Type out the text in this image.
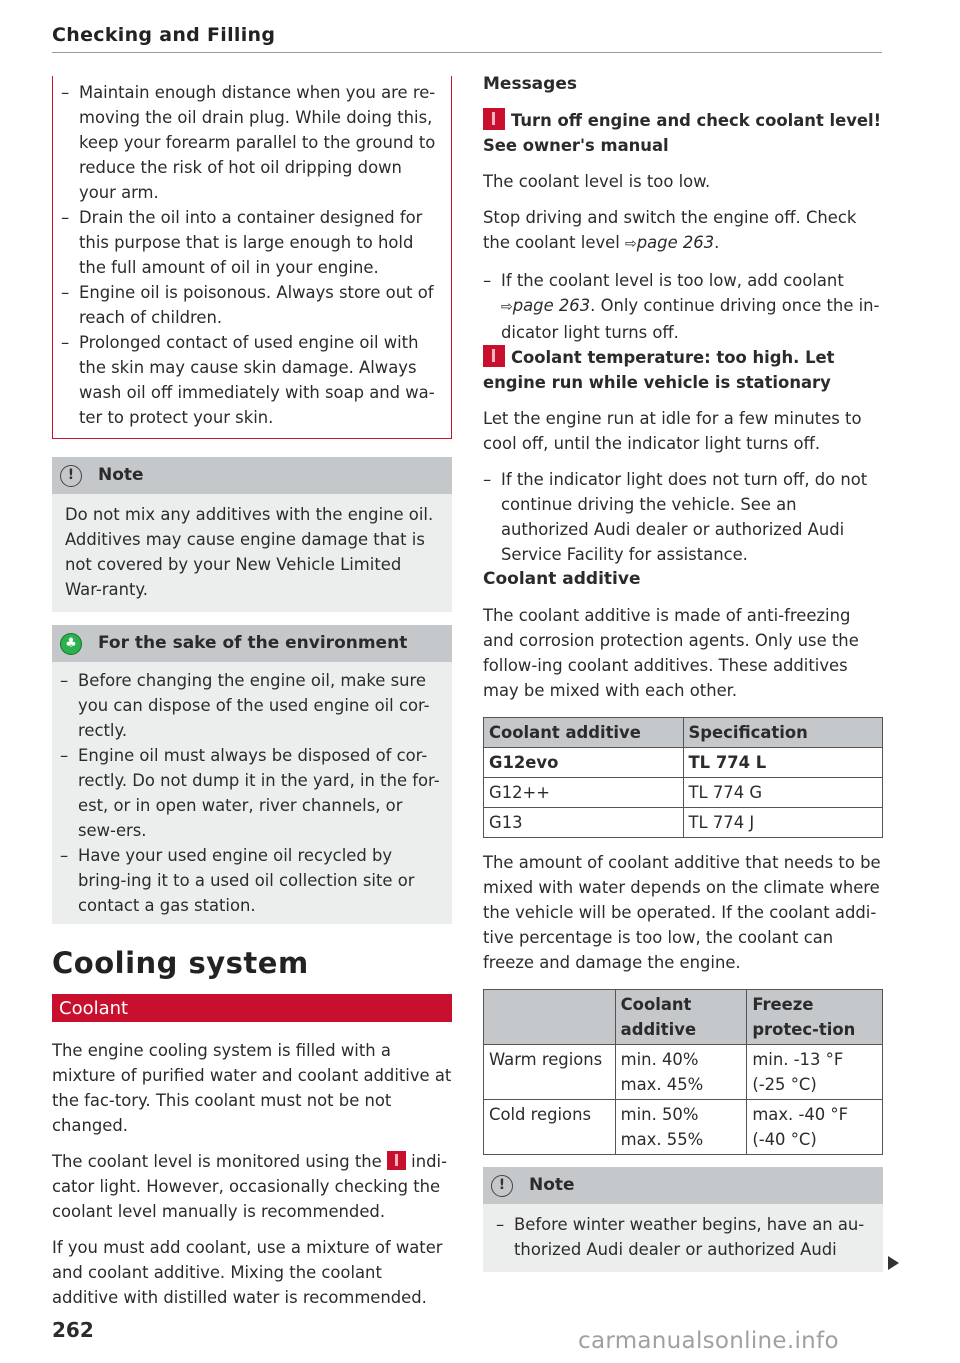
Checking and Filling
– Maintain enough distance when you are re-moving the oil drain plug. While doing this, keep your forearm parallel to the ground to reduce the risk of hot oil dripping down your arm.
– Drain the oil into a container designed for this purpose that is large enough to hold the full amount of oil in your engine.
– Engine oil is poisonous. Always store out of reach of children.
– Prolonged contact of used engine oil with the skin may cause skin damage. Always wash oil off immediately with soap and wa-ter to protect your skin.
!	Note
Do not mix any additives with the engine oil. Additives may cause engine damage that is not covered by your New Vehicle Limited War-ranty.
♣	For the sake of the environment
– Before changing the engine oil, make sure you can dispose of the used engine oil cor-rectly.
– Engine oil must always be disposed of cor-rectly. Do not dump it in the yard, in the for-est, or in open water, river channels, or sew-ers.
– Have your used engine oil recycled by bring-ing it to a used oil collection site or contact a gas station.
Cooling system
Coolant

The engine cooling system is filled with a mixture of purified water and coolant additive at the fac-tory. This coolant must not be not changed.

The coolant level is monitored using the indi-cator light. However, occasionally checking the coolant level manually is recommended.

If you must add coolant, use a mixture of water and coolant additive. Mixing the coolant additive with distilled water is recommended.

Messages
Turn off engine and check coolant level! See owner's manual

The coolant level is too low.

Stop driving and switch the engine off. Check the coolant level ⇨page 263.

– If the coolant level is too low, add coolant ⇨page 263. Only continue driving once the in-dicator light turns off.
Coolant temperature: too high. Let engine run while vehicle is stationary

Let the engine run at idle for a few minutes to cool off, until the indicator light turns off.

– If the indicator light does not turn off, do not continue driving the vehicle. See an authorized Audi dealer or authorized Audi Service Facility for assistance.
Coolant additive

The coolant additive is made of anti-freezing and corrosion protection agents. Only use the follow-ing coolant additives. These additives may be mixed with each other.

Coolant additive	Specification
G12evo	TL 774 L
G12++	TL 774 G
G13	TL 774 J

The amount of coolant additive that needs to be mixed with water depends on the climate where the vehicle will be operated. If the coolant addi-tive percentage is too low, the coolant can freeze and damage the engine.

	Coolant additive	Freeze protec-tion
Warm regions	min. 40% max. 45%	min. -13 °F (-25 °C)
Cold regions	min. 50% max. 55%	max. -40 °F (-40 °C)
!	Note
– Before winter weather begins, have an au-thorized Audi dealer or authorized Audi
262	carmanualsonline.info
